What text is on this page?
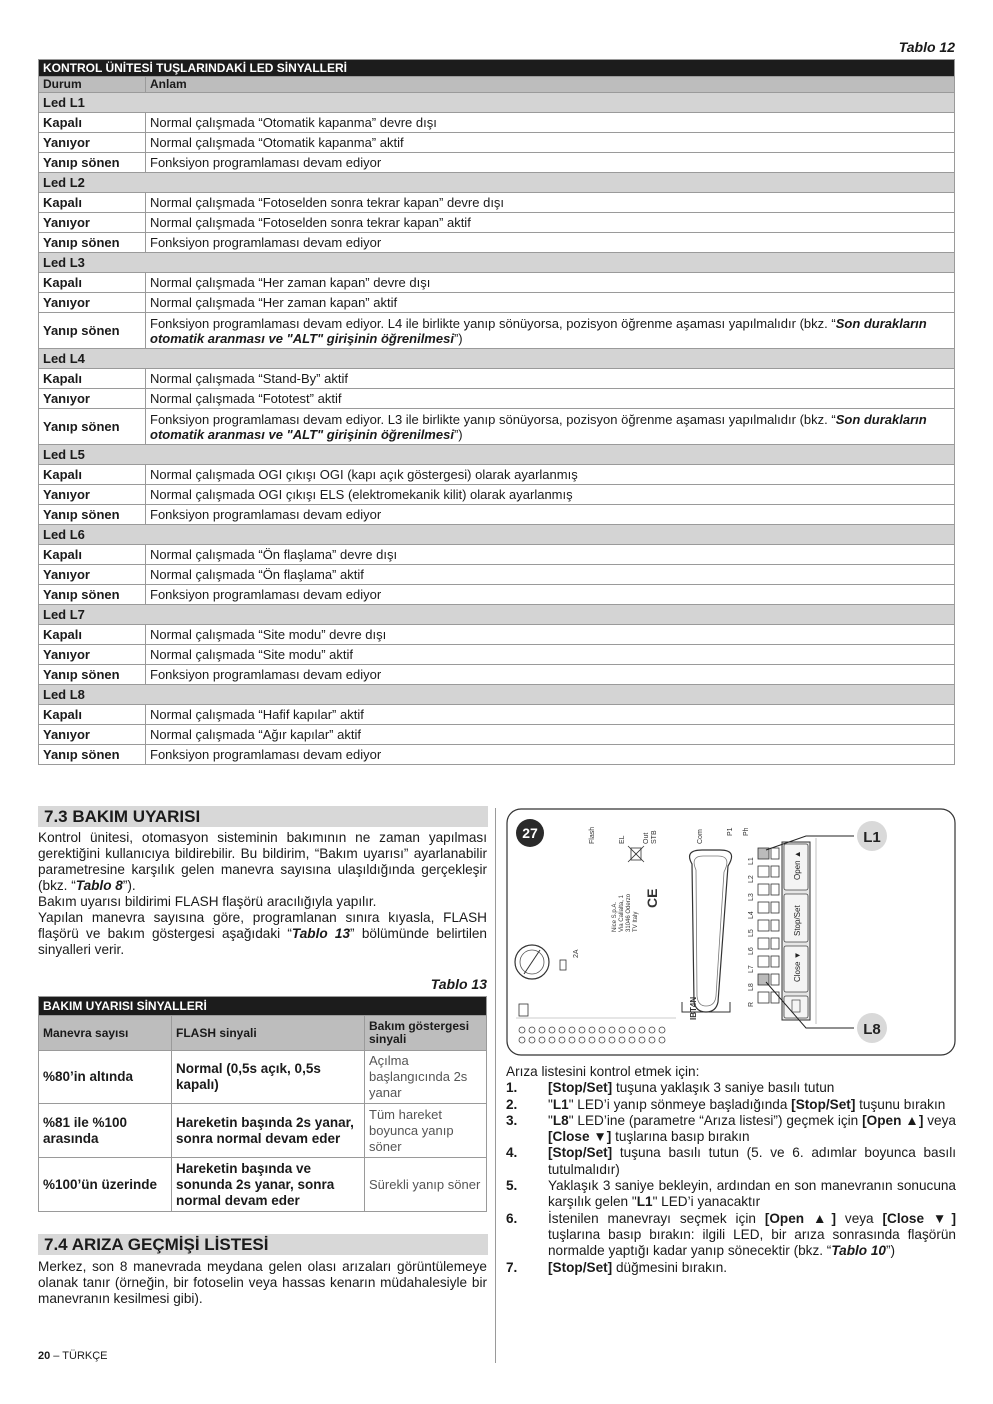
Tablo 12
KONTROL ÜNİTESİ TUŞLARINDAKİ LED SİNYALLERİ	
Durum	Anlam
Led L1	
Kapalı	Normal çalışmada “Otomatik kapanma” devre dışı
Yanıyor	Normal çalışmada “Otomatik kapanma” aktif
Yanıp sönen	Fonksiyon programlaması devam ediyor
Led L2	
Kapalı	Normal çalışmada “Fotoselden sonra tekrar kapan” devre dışı
Yanıyor	Normal çalışmada “Fotoselden sonra tekrar kapan” aktif
Yanıp sönen	Fonksiyon programlaması devam ediyor
Led L3	
Kapalı	Normal çalışmada “Her zaman kapan” devre dışı
Yanıyor	Normal çalışmada “Her zaman kapan” aktif
Yanıp sönen	Fonksiyon programlaması devam ediyor. L4 ile birlikte yanıp sönüyorsa, pozisyon öğrenme aşaması yapılmalıdır (bkz. “Son durakların otomatik aranması ve "ALT" girişinin öğrenilmesi”)
Led L4	
Kapalı	Normal çalışmada “Stand-By” aktif
Yanıyor	Normal çalışmada “Fototest” aktif
Yanıp sönen	Fonksiyon programlaması devam ediyor. L3 ile birlikte yanıp sönüyorsa, pozisyon öğrenme aşaması yapılmalıdır (bkz. “Son durakların otomatik aranması ve "ALT" girişinin öğrenilmesi”)
Led L5	
Kapalı	Normal çalışmada OGI çıkışı OGI (kapı açık göstergesi) olarak ayarlanmış
Yanıyor	Normal çalışmada OGI çıkışı ELS (elektromekanik kilit) olarak ayarlanmış
Yanıp sönen	Fonksiyon programlaması devam ediyor
Led L6	
Kapalı	Normal çalışmada “Ön flaşlama” devre dışı
Yanıyor	Normal çalışmada “Ön flaşlama” aktif
Yanıp sönen	Fonksiyon programlaması devam ediyor
Led L7	
Kapalı	Normal çalışmada “Site modu” devre dışı
Yanıyor	Normal çalışmada “Site modu” aktif
Yanıp sönen	Fonksiyon programlaması devam ediyor
Led L8	
Kapalı	Normal çalışmada “Hafif kapılar” aktif
Yanıyor	Normal çalışmada “Ağır kapılar” aktif
Yanıp sönen	Fonksiyon programlaması devam ediyor
7.3 BAKIM UYARISI
Kontrol ünitesi, otomasyon sisteminin bakımının ne zaman yapılması gerektiğini kullanıcıya bildirebilir. Bu bildirim, “Bakım uyarısı” ayarlanabilir parametresine karşılık gelen manevra sayısına ulaşıldığında gerçekleşir (bkz. “Tablo 8”).
Bakım uyarısı bildirimi FLASH flaşörü aracılığıyla yapılır.
Yapılan manevra sayısına göre, programlanan sınıra kıyasla, FLASH flaşörü ve bakım göstergesi aşağıdaki “Tablo 13” bölümünde belirtilen sinyalleri verir.
Tablo 13
BAKIM UYARISI SİNYALLERİ		
Manevra sayısı	FLASH sinyali	Bakım göstergesi sinyali
%80’in altında	Normal (0,5s açık, 0,5s kapalı)	Açılma başlangıcında 2s yanar
%81 ile %100 arasında	Hareketin başında 2s yanar, sonra normal devam eder	Tüm hareket boyunca yanıp söner
%100’ün üzerinde	Hareketin başında ve sonunda 2s yanar, sonra normal devam eder	Sürekli yanıp söner
7.4 ARIZA GEÇMİŞİ LİSTESİ
Merkez, son 8 manevrada meydana gelen olası arızaları görüntülemeye olanak tanır (örneğin, bir fotoselin veya hassas kenarın müdahalesiyle bir manevranın kesilmesi gibi).
27	Flash	EL Out STB	Com	P1 Ph
Nice S.p.A. Via Callalta, 1 31046 Oderzo TV Italy
CE
IBT4N
2A
L1
L2
L3
L4
L5
L6
L7
L8
R
Open ▲
Stop/Set
Close ▼
L1
L8
Arıza listesini kontrol etmek için:
1.	[Stop/Set] tuşuna yaklaşık 3 saniye basılı tutun
2.	"L1" LED’i yanıp sönmeye başladığında [Stop/Set] tuşunu bırakın
3.	"L8" LED’ine (parametre “Arıza listesi”) geçmek için [Open ▲] veya [Close ▼] tuşlarına basıp bırakın
4.	[Stop/Set] tuşuna basılı tutun (5. ve 6. adımlar boyunca basılı tutulmalıdır)
5.	Yaklaşık 3 saniye bekleyin, ardından en son manevranın sonucuna karşılık gelen "L1" LED’i yanacaktır
6.	İstenilen manevrayı seçmek için [Open ▲] veya [Close ▼] tuşlarına basıp bırakın: ilgili LED, bir arıza sonrasında flaşörün normalde yaptığı kadar yanıp sönecektir (bkz. “Tablo 10”)
7.	[Stop/Set] düğmesini bırakın.
20 – TÜRKÇE
